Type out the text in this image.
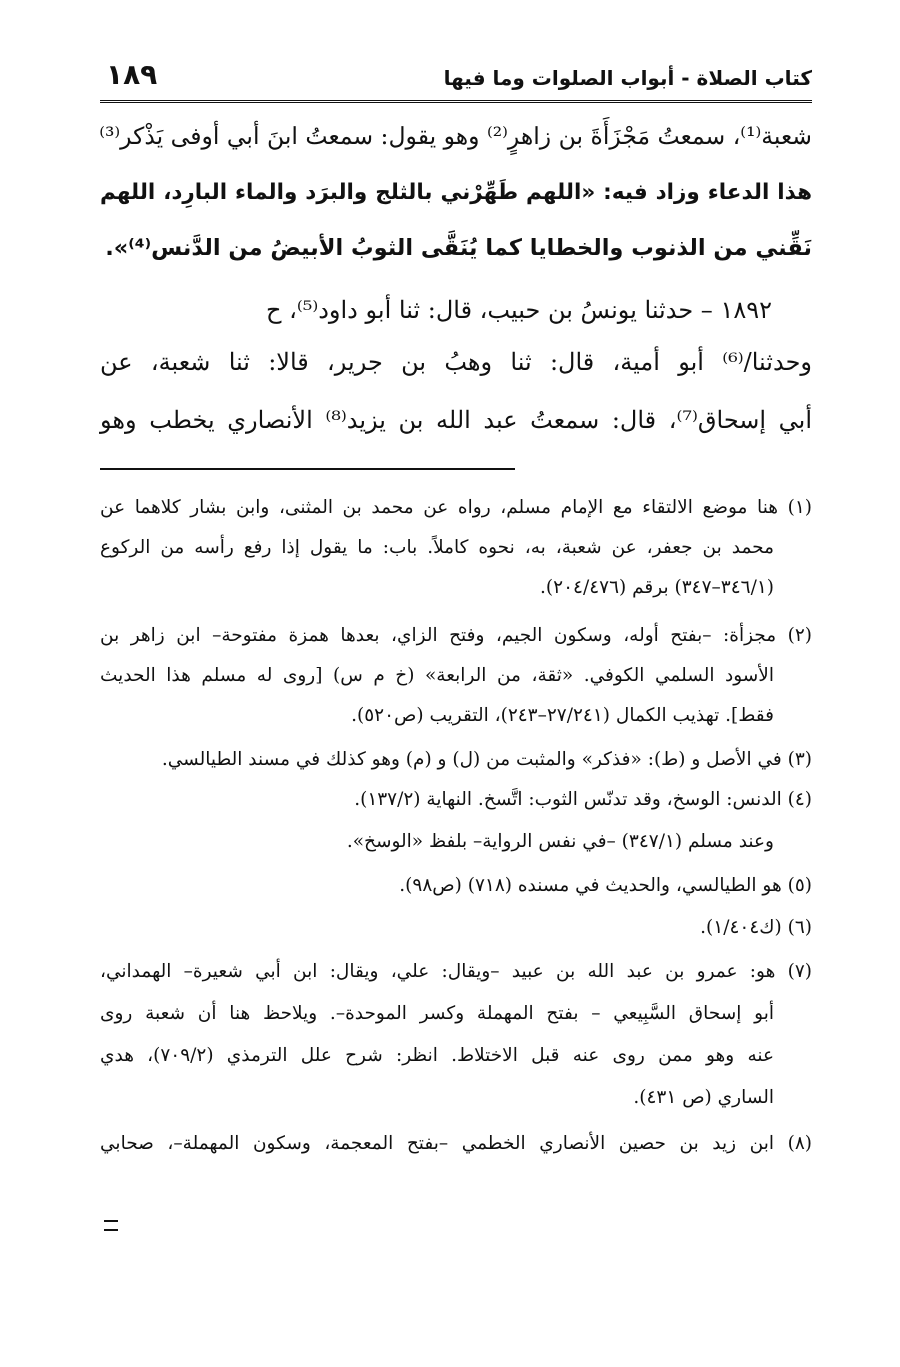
كتاب الصلاة - أبواب الصلوات وما فيها
١٨٩
شعبة⁽¹⁾، سمعتُ مَجْزَأَةَ بن زاهرٍ⁽²⁾ وهو يقول: سمعتُ ابنَ أبي أوفى يَذْكر⁽³⁾
هذا الدعاء وزاد فيه: «اللهم طَهِّرْني بالثلج والبرَد والماء البارِد، اللهم
نَقِّني من الذنوب والخطايا كما يُنَقَّى الثوبُ الأبيضُ من الدَّنس⁽⁴⁾».
١٨٩٢ – حدثنا يونسُ بن حبيب، قال: ثنا أبو داود⁽⁵⁾، ح
وحدثنا/⁽⁶⁾ أبو أمية، قال: ثنا وهبُ بن جرير، قالا: ثنا شعبة، عن
أبي إسحاق⁽⁷⁾، قال: سمعتُ عبد الله بن يزيد⁽⁸⁾ الأنصاري يخطب وهو
(١) هنا موضع الالتقاء مع الإمام مسلم، رواه عن محمد بن المثنى، وابن بشار كلاهما عن
محمد بن جعفر، عن شعبة، به، نحوه كاملاً. باب: ما يقول إذا رفع رأسه من الركوع
(٣٤٦/١–٣٤٧) برقم (٢٠٤/٤٧٦).
(٢) مجزأة: –بفتح أوله، وسكون الجيم، وفتح الزاي، بعدها همزة مفتوحة– ابن زاهر بن
الأسود السلمي الكوفي. «ثقة، من الرابعة» (خ م س) [روى له مسلم هذا الحديث
فقط]. تهذيب الكمال (٢٧/٢٤١–٢٤٣)، التقريب (ص٥٢٠).
(٣) في الأصل و (ط): «فذكر» والمثبت من (ل) و (م) وهو كذلك في مسند الطيالسي.
(٤) الدنس: الوسخ، وقد تدنّس الثوب: اتَّسخ. النهاية (١٣٧/٢).
وعند مسلم (٣٤٧/١) –في نفس الرواية– بلفظ «الوسخ».
(٥) هو الطيالسي، والحديث في مسنده (٧١٨) (ص٩٨).
(٦) (ك١/٤٠٤).
(٧) هو: عمرو بن عبد الله بن عبيد –ويقال: علي، ويقال: ابن أبي شعيرة– الهمداني،
أبو إسحاق السَّبِيعي – بفتح المهملة وكسر الموحدة–. ويلاحظ هنا أن شعبة روى
عنه وهو ممن روى عنه قبل الاختلاط. انظر: شرح علل الترمذي (٧٠٩/٢)، هدي
الساري (ص ٤٣١).
(٨) ابن زيد بن حصين الأنصاري الخطمي –بفتح المعجمة، وسكون المهملة–، صحابي
